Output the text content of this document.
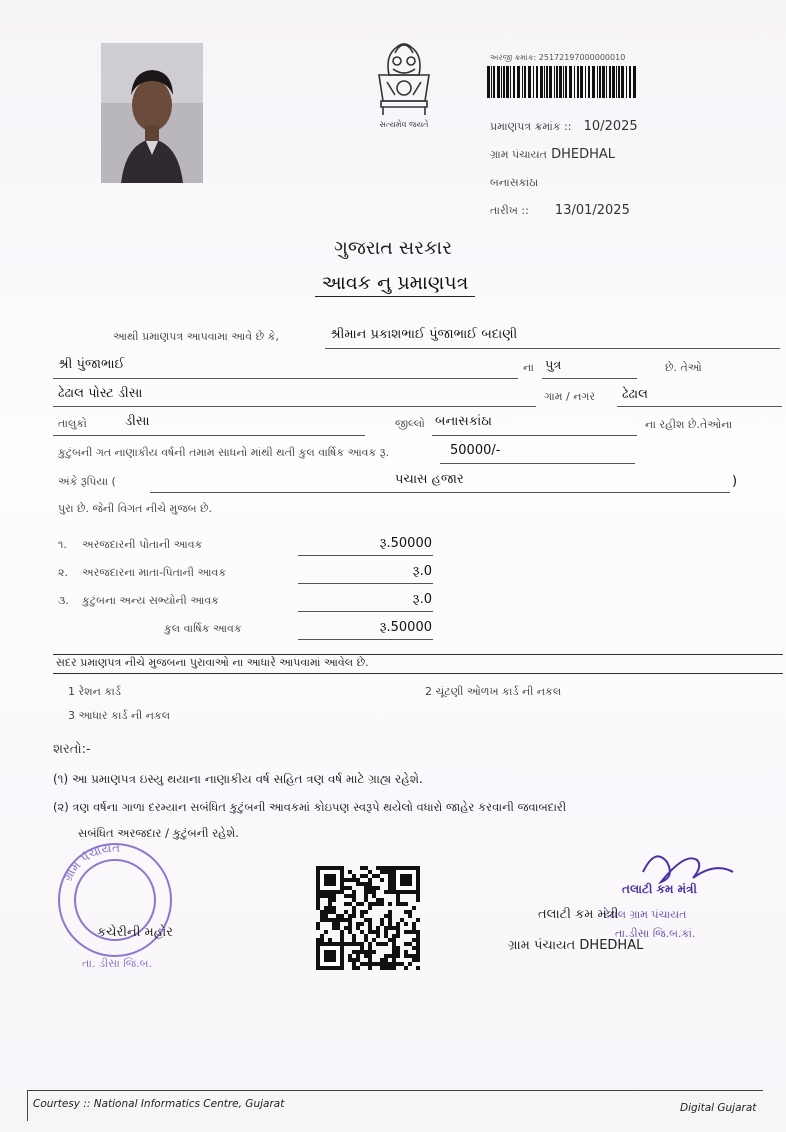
સત્યમેવ જયતે
અરજી ક્રમાંક: 25172197000000010
પ્રમાણપત્ર ક્રમાંક :: 10/2025
ગ્રામ પંચાયત DHEDHAL
બનાસકાંઠા
તારીખ :: 13/01/2025
ગુજરાત સરકાર
આવક નુ પ્રમાણપત્ર
આથી પ્રમાણપત્ર આપવામા આવે છે કે,	શ્રીમાન પ્રકાશભાઈ પુંજાભાઈ બદાણી
શ્રી પુંજાભાઈ	ના પુત્ર	છે. તેઓ
ઢેઢાલ પોસ્ટ ડીસા	ગામ / નગર ઢેઢાલ
તાલુકો	ડીસા	જીલ્લો બનાસકાંઠા	ના રહીશ છે.તેઓના
કુટુંબની ગત નાણાકીય વર્ષની તમામ સાધનો માંથી થતી કુલ વાર્ષિક આવક રૂ.	50000/-
અંકે રૂપિયા (	પચાસ હજાર	)
પુરા છે. જેની વિગત નીચે મુજબ છે.
૧. અરજદારની પોતાની આવક	રૂ.50000
૨. અરજદારના માતા-પિતાની આવક	રૂ.0
૩. કુટુંબના અન્ય સભ્યોની આવક	રૂ.0
કુલ વાર્ષિક આવક	રૂ.50000
સદર પ્રમાણપત્ર નીચે મુજબના પુરાવાઓ ના આધારે આપવામાં આવેલ છે.
1 રેશન કાર્ડ	2 ચૂંટણી ઓળખ કાર્ડ ની નકલ
3 આધાર કાર્ડ ની નકલ
શરતો:-
(૧) આ પ્રમાણપત્ર ઇસ્યુ થયાના નાણાકીય વર્ષ સહિત ત્રણ વર્ષ માટે ગ્રાહ્ય રહેશે.
(૨) ત્રણ વર્ષના ગાળા દરમ્યાન સબંધિત કુટુંબની આવકમાં કોઇપણ સ્વરૂપે થયેલો વધારો જાહેર કરવાની જવાબદારી
સબંધિત અરજદાર / કુટુંબની રહેશે.
ગ્રામ પંચાયત
તા. ડીસા જિ.બ.
કચેરીની મહોર
તલાટી કમ મંત્રી
ઢેઢાલ ગ્રામ પંચાયત
તા.ડીસા જિ.બ.કાં.
તલાટી કમ મંત્રી
ગ્રામ પંચાયત DHEDHAL
Courtesy :: National Informatics Centre, Gujarat	Digital Gujarat
